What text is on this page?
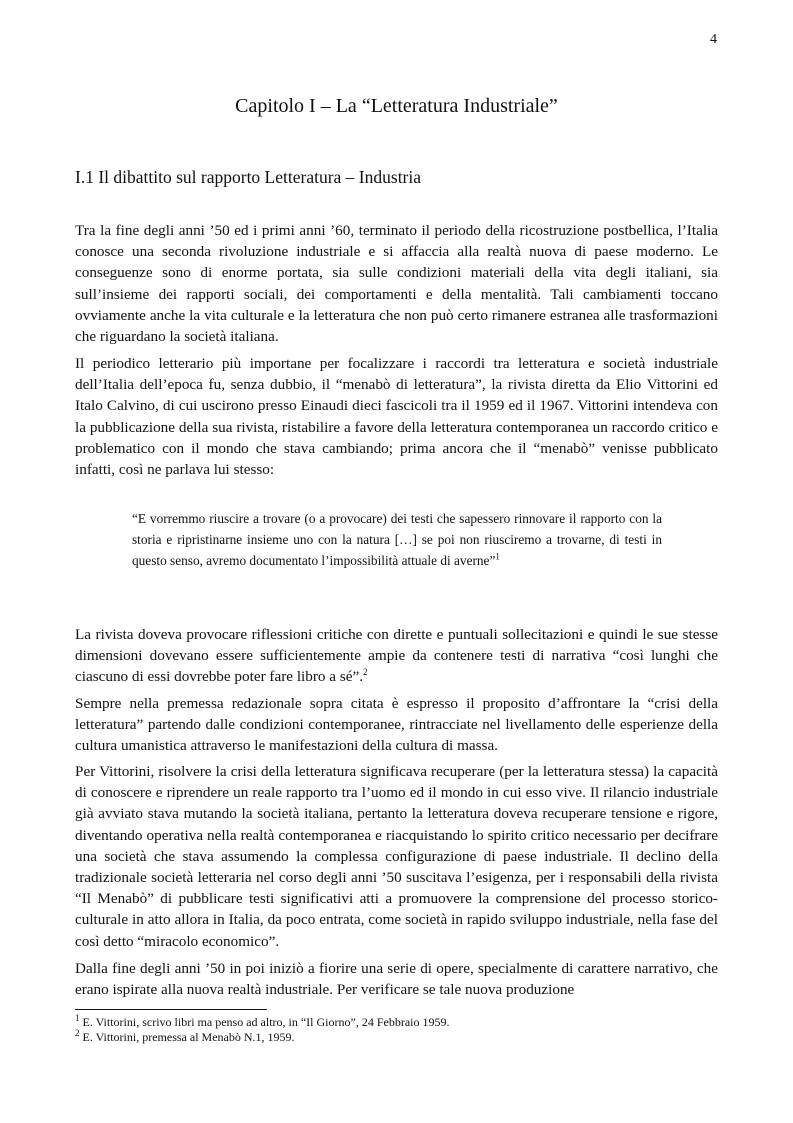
4
Capitolo I – La “Letteratura Industriale”
I.1 Il dibattito sul rapporto Letteratura – Industria

Tra la fine degli anni ’50 ed i primi anni ’60, terminato il periodo della ricostruzione postbellica, l’Italia conosce una seconda rivoluzione industriale e si affaccia alla realtà nuova di paese moderno. Le conseguenze sono di enorme portata, sia sulle condizioni materiali della vita degli italiani, sia sull’insieme dei rapporti sociali, dei comportamenti e della mentalità. Tali cambiamenti toccano ovviamente anche la vita culturale e la letteratura che non può certo rimanere estranea alle trasformazioni che riguardano la società italiana.

Il periodico letterario più importane per focalizzare i raccordi tra letteratura e società industriale dell’Italia dell’epoca fu, senza dubbio, il “menabò di letteratura”, la rivista diretta da Elio Vittorini ed Italo Calvino, di cui uscirono presso Einaudi dieci fascicoli tra il 1959 ed il 1967. Vittorini intendeva con la pubblicazione della sua rivista, ristabilire a favore della letteratura contemporanea un raccordo critico e problematico con il mondo che stava cambiando; prima ancora che il “menabò” venisse pubblicato infatti, così ne parlava lui stesso:

“E vorremmo riuscire a trovare (o a provocare) dei testi che sapessero rinnovare il rapporto con la storia e ripristinarne insieme uno con la natura […] se poi non riusciremo a trovarne, di testi in questo senso, avremo documentato l’impossibilità attuale di averne”$^1$

La rivista doveva provocare riflessioni critiche con dirette e puntuali sollecitazioni e quindi le sue stesse dimensioni dovevano essere sufficientemente ampie da contenere testi di narrativa “così lunghi che ciascuno di essi dovrebbe poter fare libro a sé”.$^2$

Sempre nella premessa redazionale sopra citata è espresso il proposito d’affrontare la “crisi della letteratura” partendo dalle condizioni contemporanee, rintracciate nel livellamento delle esperienze della cultura umanistica attraverso le manifestazioni della cultura di massa.

Per Vittorini, risolvere la crisi della letteratura significava recuperare (per la letteratura stessa) la capacità di conoscere e riprendere un reale rapporto tra l’uomo ed il mondo in cui esso vive. Il rilancio industriale già avviato stava mutando la società italiana, pertanto la letteratura doveva recuperare tensione e rigore, diventando operativa nella realtà contemporanea e riacquistando lo spirito critico necessario per decifrare una società che stava assumendo la complessa configurazione di paese industriale. Il declino della tradizionale società letteraria nel corso degli anni ’50 suscitava l’esigenza, per i responsabili della rivista “Il Menabò” di pubblicare testi significativi atti a promuovere la comprensione del processo storico-culturale in atto allora in Italia, da poco entrata, come società in rapido sviluppo industriale, nella fase del così detto “miracolo economico”.

Dalla fine degli anni ’50 in poi iniziò a fiorire una serie di opere, specialmente di carattere narrativo, che erano ispirate alla nuova realtà industriale. Per verificare se tale nuova produzione

$^1$ E. Vittorini, scrivo libri ma penso ad altro, in “Il Giorno”, 24 Febbraio 1959.

$^2$ E. Vittorini, premessa al Menabò N.1, 1959.
